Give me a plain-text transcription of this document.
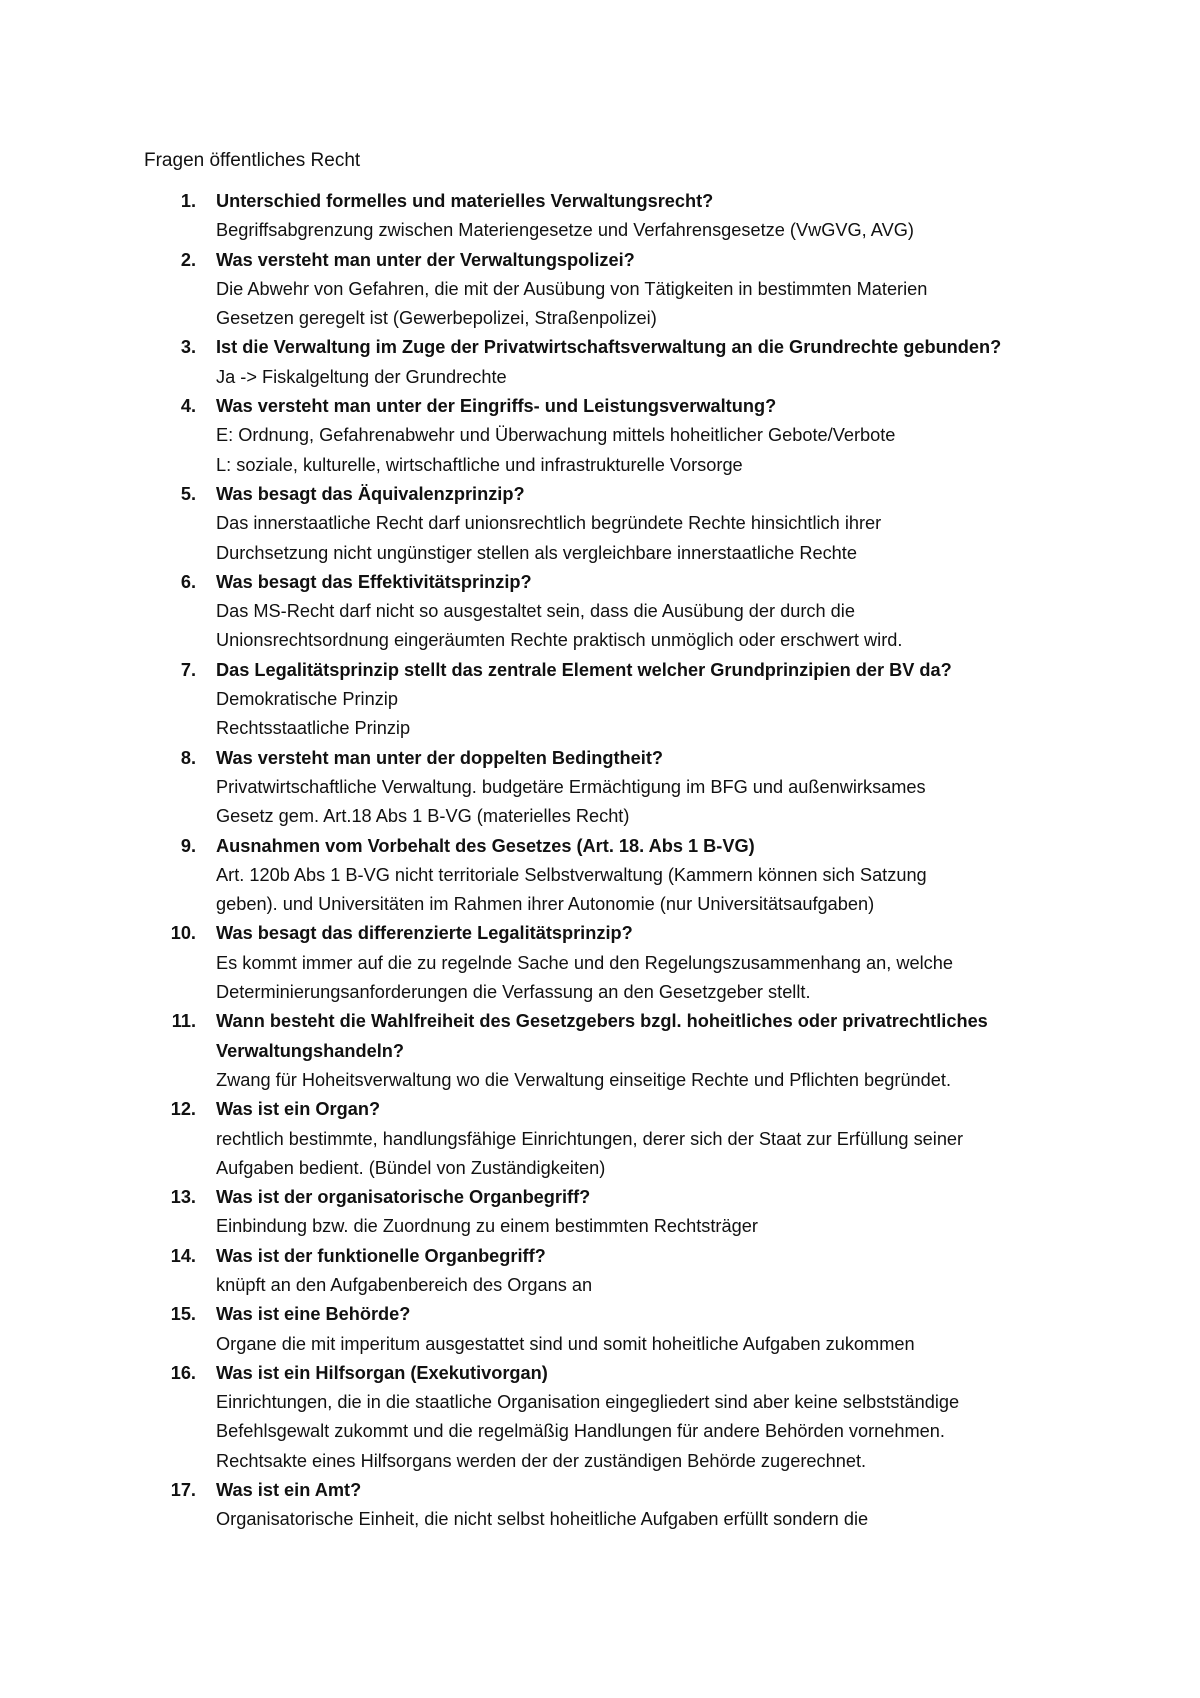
Fragen öffentliches Recht
1. Unterschied formelles und materielles Verwaltungsrecht?
Begriffsabgrenzung zwischen Materiengesetze und Verfahrensgesetze (VwGVG, AVG)
2. Was versteht man unter der Verwaltungspolizei?
Die Abwehr von Gefahren, die mit der Ausübung von Tätigkeiten in bestimmten Materien
Gesetzen geregelt ist (Gewerbepolizei, Straßenpolizei)
3. Ist die Verwaltung im Zuge der Privatwirtschaftsverwaltung an die Grundrechte gebunden?
Ja -> Fiskalgeltung der Grundrechte
4. Was versteht man unter der Eingriffs- und Leistungsverwaltung?
E: Ordnung, Gefahrenabwehr und Überwachung mittels hoheitlicher Gebote/Verbote
L: soziale, kulturelle, wirtschaftliche und infrastrukturelle Vorsorge
5. Was besagt das Äquivalenzprinzip?
Das innerstaatliche Recht darf unionsrechtlich begründete Rechte hinsichtlich ihrer
Durchsetzung nicht ungünstiger stellen als vergleichbare innerstaatliche Rechte
6. Was besagt das Effektivitätsprinzip?
Das MS-Recht darf nicht so ausgestaltet sein, dass die Ausübung der durch die
Unionsrechtsordnung eingeräumten Rechte praktisch unmöglich oder erschwert wird.
7. Das Legalitätsprinzip stellt das zentrale Element welcher Grundprinzipien der BV da?
Demokratische Prinzip
Rechtsstaatliche Prinzip
8. Was versteht man unter der doppelten Bedingtheit?
Privatwirtschaftliche Verwaltung. budgetäre Ermächtigung im BFG und außenwirksames
Gesetz gem. Art.18 Abs 1 B-VG (materielles Recht)
9. Ausnahmen vom Vorbehalt des Gesetzes (Art. 18. Abs 1 B-VG)
Art. 120b Abs 1 B-VG nicht territoriale Selbstverwaltung (Kammern können sich Satzung
geben). und Universitäten im Rahmen ihrer Autonomie (nur Universitätsaufgaben)
10. Was besagt das differenzierte Legalitätsprinzip?
Es kommt immer auf die zu regelnde Sache und den Regelungszusammenhang an, welche
Determinierungsanforderungen die Verfassung an den Gesetzgeber stellt.
11. Wann besteht die Wahlfreiheit des Gesetzgebers bzgl. hoheitliches oder privatrechtliches
Verwaltungshandeln?
Zwang für Hoheitsverwaltung wo die Verwaltung einseitige Rechte und Pflichten begründet.
12. Was ist ein Organ?
rechtlich bestimmte, handlungsfähige Einrichtungen, derer sich der Staat zur Erfüllung seiner
Aufgaben bedient. (Bündel von Zuständigkeiten)
13. Was ist der organisatorische Organbegriff?
Einbindung bzw. die Zuordnung zu einem bestimmten Rechtsträger
14. Was ist der funktionelle Organbegriff?
knüpft an den Aufgabenbereich des Organs an
15. Was ist eine Behörde?
Organe die mit imperitum ausgestattet sind und somit hoheitliche Aufgaben zukommen
16. Was ist ein Hilfsorgan (Exekutivorgan)
Einrichtungen, die in die staatliche Organisation eingegliedert sind aber keine selbstständige
Befehlsgewalt zukommt und die regelmäßig Handlungen für andere Behörden vornehmen.
Rechtsakte eines Hilfsorgans werden der der zuständigen Behörde zugerechnet.
17. Was ist ein Amt?
Organisatorische Einheit, die nicht selbst hoheitliche Aufgaben erfüllt sondern die
